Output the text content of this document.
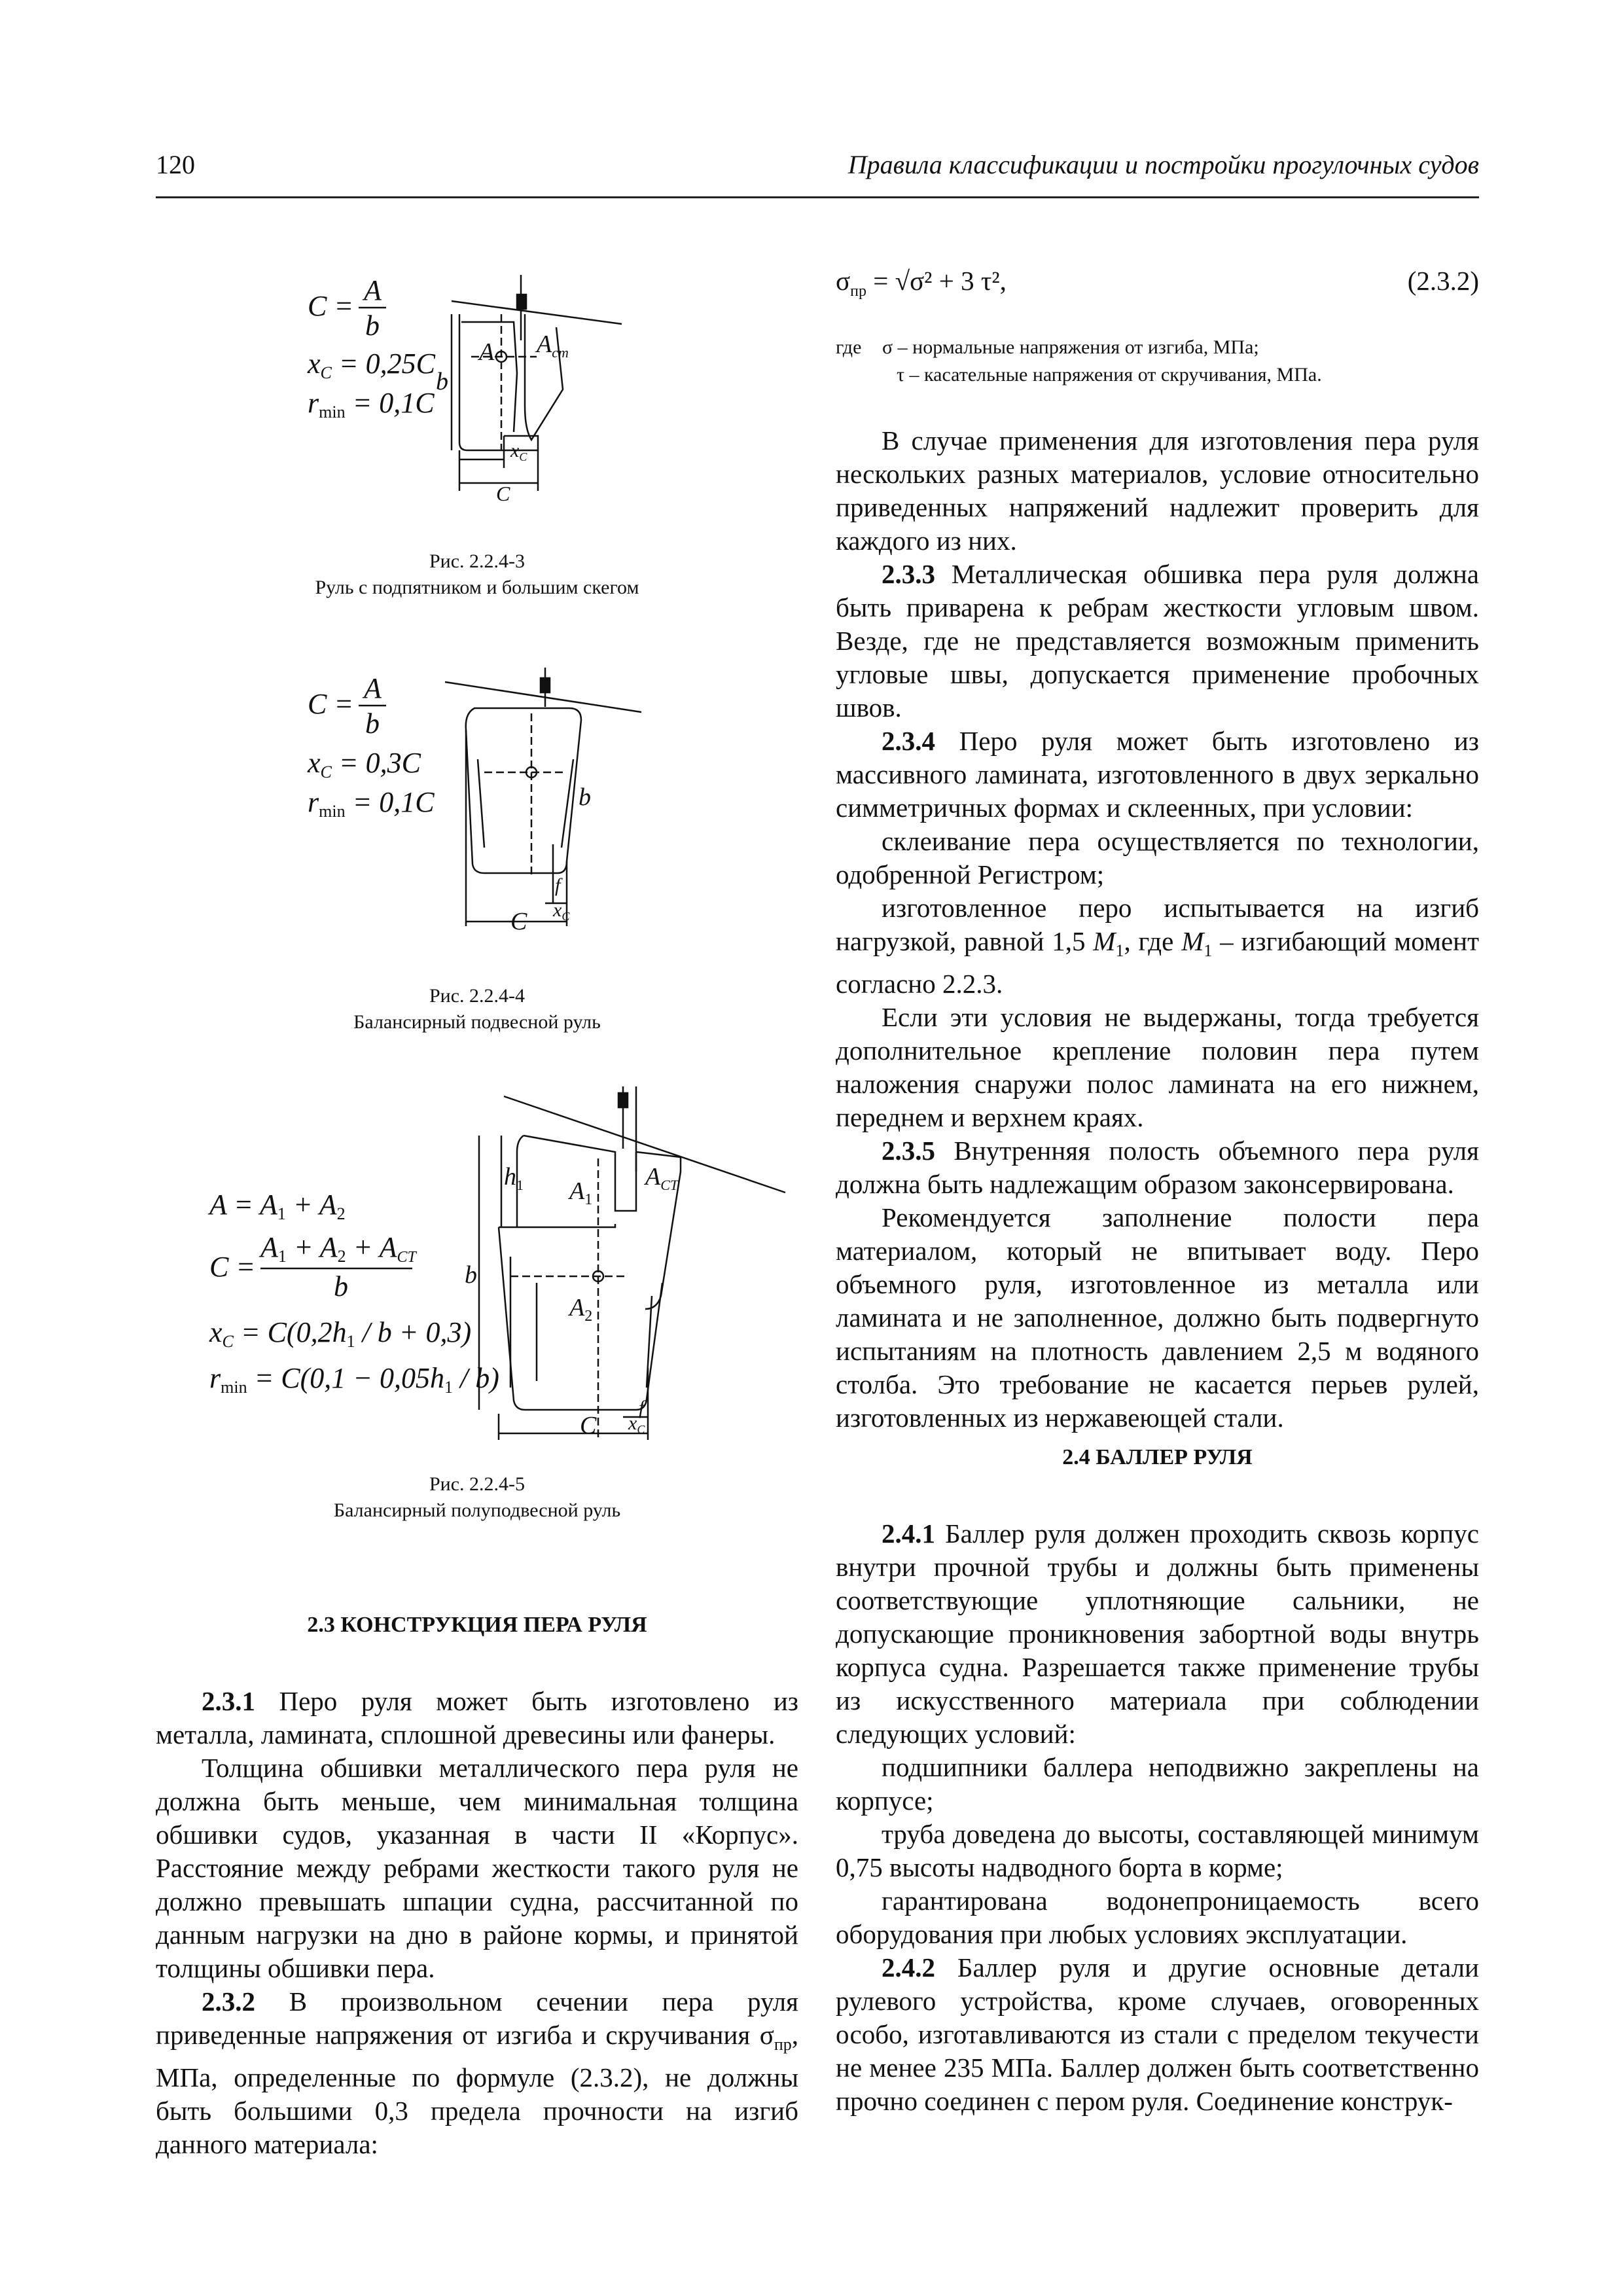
120	Правила классификации и постройки прогулочных судов
C = A
b
xC = 0,25C
rmin = 0,1C
A $A_{ст}$
b
$x_C$
C
Рис. 2.2.4-3
Руль с подпятником и большим скегом
C = A
b
xC = 0,3C
rmin = 0,1C	b
f
$x_C$
C
Рис. 2.2.4-4
Балансирный подвесной руль
A = A1 + A2
C =
A1 + A2 + ACT
b
xC = C(0,2h1 / b + 0,3)
rmin = C(0,1 − 0,05h1 / b)
$A_1$
$A_2$
$A_{CT}$
$h_1$
b
f
$x_C$
C
Рис. 2.2.4-5
Балансирный полуподвесной руль
2.3 КОНСТРУКЦИЯ ПЕРА РУЛЯ

2.3.1 Перо руля может быть изготовлено из металла, ламината, сплошной древесины или фанеры.

Толщина обшивки металлического пера руля не должна быть меньше, чем минимальная толщина обшивки судов, указанная в части II «Корпус». Расстояние между ребрами жесткости такого руля не должно превышать шпации судна, рассчитанной по данным нагрузки на дно в районе кормы, и принятой толщины обшивки пера.

2.3.2 В произвольном сечении пера руля приведенные напряжения от изгиба и скручивания $\sigma_{пр}$, МПа, определенные по формуле (2.3.2), не должны быть большими 0,3 предела прочности на изгиб данного материала:

$\sigma_{пр} = √\sigma^2 + 3$ τ²,	(2.3.2)
где σ – нормальные напряжения от изгиба, МПа;
τ – касательные напряжения от скручивания, МПа.

В случае применения для изготовления пера руля нескольких разных материалов, условие относительно приведенных напряжений надлежит проверить для каждого из них.

2.3.3 Металлическая обшивка пера руля должна быть приварена к ребрам жесткости угловым швом. Везде, где не представляется возможным применить угловые швы, допускается применение пробочных швов.

2.3.4 Перо руля может быть изготовлено из массивного ламината, изготовленного в двух зеркально симметричных формах и склеенных, при условии:

склеивание пера осуществляется по технологии, одобренной Регистром;

изготовленное перо испытывается на изгиб нагрузкой, равной 1,5 $M_1$, где $M_1$ – изгибающий момент согласно 2.2.3.

Если эти условия не выдержаны, тогда требуется дополнительное крепление половин пера путем наложения снаружи полос ламината на его нижнем, переднем и верхнем краях.

2.3.5 Внутренняя полость объемного пера руля должна быть надлежащим образом законсервирована.

Рекомендуется заполнение полости пера материалом, который не впитывает воду. Перо объемного руля, изготовленное из металла или ламината и не заполненное, должно быть подвергнуто испытаниям на плотность давлением 2,5 м водяного столба. Это требование не касается перьев рулей, изготовленных из нержавеющей стали.

2.4 БАЛЛЕР РУЛЯ

2.4.1 Баллер руля должен проходить сквозь корпус внутри прочной трубы и должны быть применены соответствующие уплотняющие сальники, не допускающие проникновения забортной воды внутрь корпуса судна. Разрешается также применение трубы из искусственного материала при соблюдении следующих условий:

подшипники баллера неподвижно закреплены на корпусе;

труба доведена до высоты, составляющей минимум 0,75 высоты надводного борта в корме;

гарантирована водонепроницаемость всего оборудования при любых условиях эксплуатации.

2.4.2 Баллер руля и другие основные детали рулевого устройства, кроме случаев, оговоренных особо, изготавливаются из стали с пределом текучести не менее 235 МПа. Баллер должен быть соответственно прочно соединен с пером руля. Соединение конструк-
